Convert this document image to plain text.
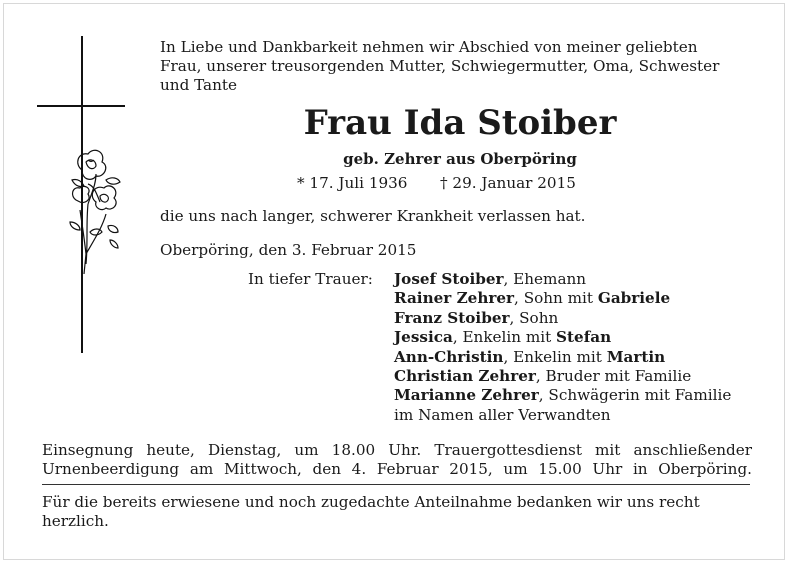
In Liebe und Dankbarkeit nehmen wir Abschied von meiner geliebten
Frau, unserer treusorgenden Mutter, Schwiegermutter, Oma, Schwester
und Tante
Frau Ida Stoiber
geb. Zehrer aus Oberpöring
* 17. Juli 1936 † 29. Januar 2015
die uns nach langer, schwerer Krankheit verlassen hat.
Oberpöring, den 3. Februar 2015
In tiefer Trauer: Josef Stoiber, Ehemann
Rainer Zehrer, Sohn mit Gabriele
Franz Stoiber, Sohn
Jessica, Enkelin mit Stefan
Ann-Christin, Enkelin mit Martin
Christian Zehrer, Bruder mit Familie
Marianne Zehrer, Schwägerin mit Familie
im Namen aller Verwandten
Einsegnung heute, Dienstag, um 18.00 Uhr. Trauergottesdienst mit anschließender
Urnenbeerdigung am Mittwoch, den 4. Februar 2015, um 15.00 Uhr in Oberpöring.
Für die bereits erwiesene und noch zugedachte Anteilnahme bedanken wir uns recht
herzlich.
